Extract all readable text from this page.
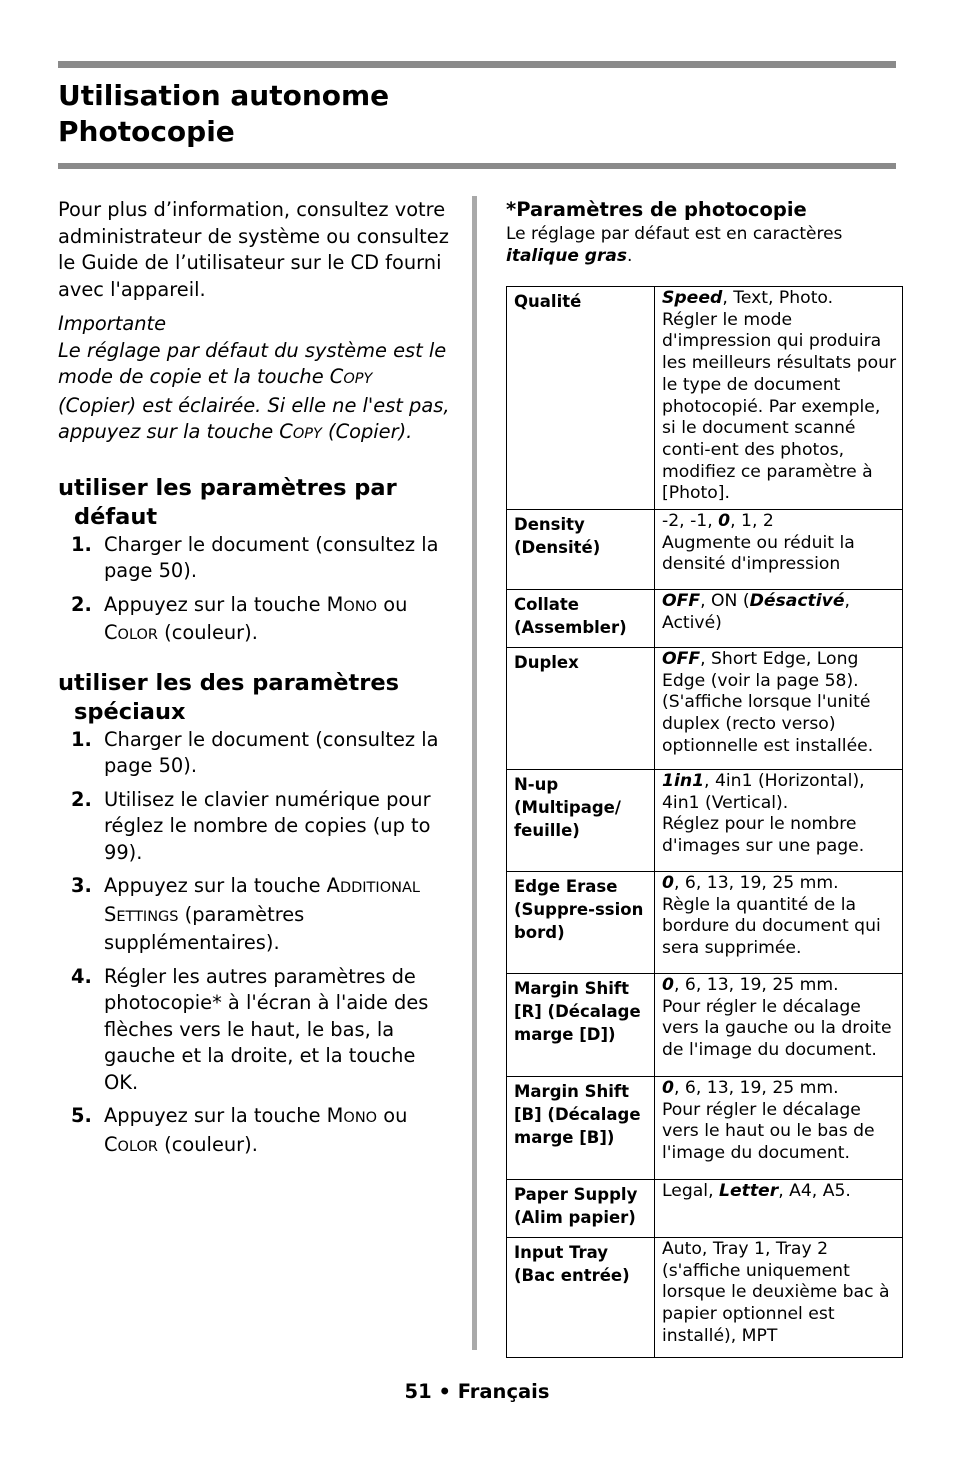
Utilisation autonome
Photocopie

Pour plus d’information, consultez votre administrateur de système ou consultez le Guide de l’utilisateur sur le CD fourni avec l'appareil.

Importante

Le réglage par défaut du système est le mode de copie et la touche COPY (Copier) est éclairée. Si elle ne l'est pas, appuyez sur la touche COPY (Copier).

utiliser les paramètres par défaut
1. Charger le document (consultez la page 50).
2. Appuyez sur la touche MONO ou COLOR (couleur).
utiliser les des paramètres spéciaux
1. Charger le document (consultez la page 50).
2. Utilisez le clavier numérique pour réglez le nombre de copies (up to 99).
3. Appuyez sur la touche ADDITIONAL SETTINGS (paramètres supplémentaires).
4. Régler les autres paramètres de photocopie* à l'écran à l'aide des flèches vers le haut, le bas, la gauche et la droite, et la touche OK.
5. Appuyez sur la touche MONO ou COLOR (couleur).

*Paramètres de photocopie

Le réglage par défaut est en caractères italique gras.

Qualité	Speed, Text, Photo.
Régler le mode d'impression qui produira les meilleurs résultats pour le type de document photocopié. Par exemple, si le document scanné conti-ent des photos, modifiez ce paramètre à [Photo].
Density (Densité)	-2, -1, 0, 1, 2
Augmente ou réduit la densité d'impression
Collate (Assembler)	OFF, ON (Désactivé, Activé)

Duplex	OFF, Short Edge, Long Edge (voir la page 58).
(S'affiche lorsque l'unité duplex (recto verso) optionnelle est installée.
N-up (Multipage/ feuille)	1in1, 4in1 (Horizontal), 4in1 (Vertical).
Réglez pour le nombre d'images sur une page.
Edge Erase (Suppre-ssion bord)	0, 6, 13, 19, 25 mm.
Règle la quantité de la bordure du document qui sera supprimée.
Margin Shift [R] (Décalage marge [D])	0, 6, 13, 19, 25 mm.
Pour régler le décalage vers la gauche ou la droite de l'image du document.
Margin Shift [B] (Décalage marge [B])	0, 6, 13, 19, 25 mm.
Pour régler le décalage vers le haut ou le bas de l'image du document.
Paper Supply (Alim papier)	Legal, Letter, A4, A5.

Input Tray (Bac entrée)	Auto, Tray 1, Tray 2 (s'affiche uniquement lorsque le deuxième bac à papier optionnel est installé), MPT
51 • Français
